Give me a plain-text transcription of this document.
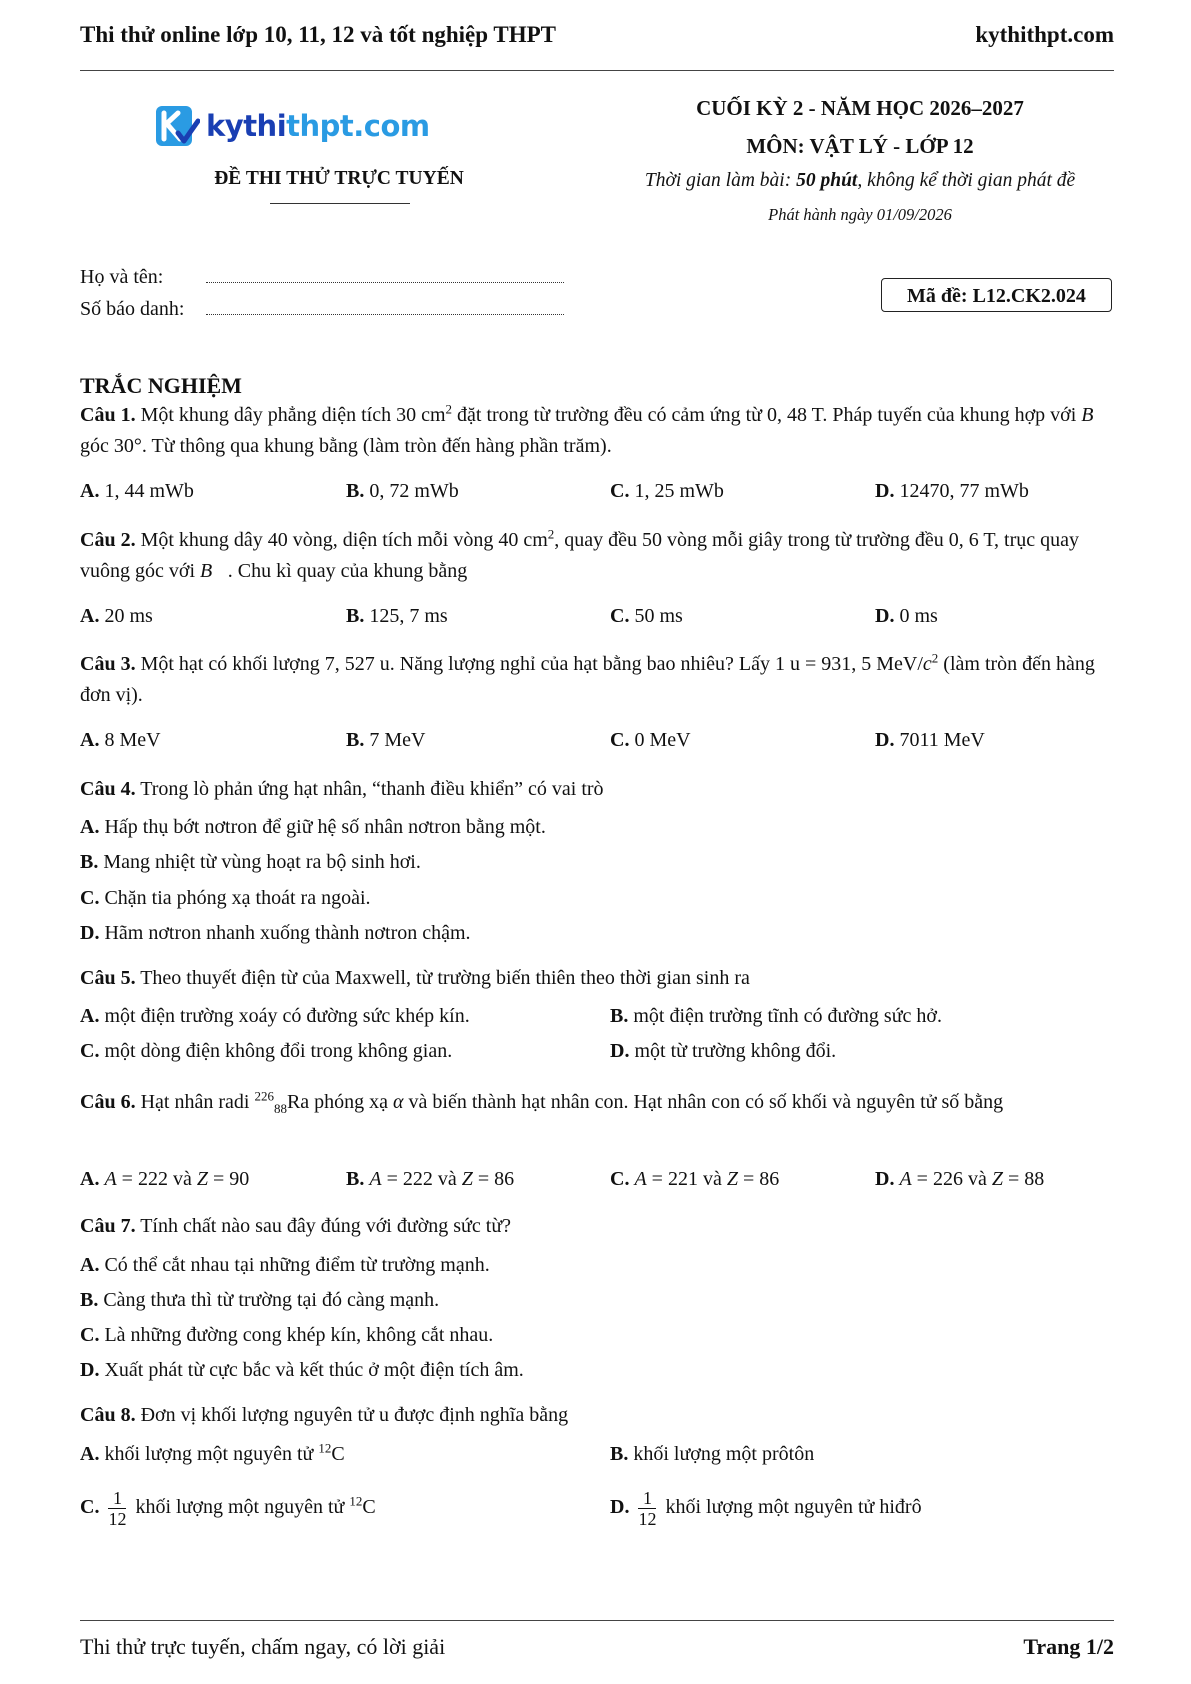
Thi thử online lớp 10, 11, 12 và tốt nghiệp THPT	kythithpt.com
kythithpt.com
ĐỀ THI THỬ TRỰC TUYẾN
CUỐI KỲ 2 - NĂM HỌC 2026–2027
MÔN: VẬT LÝ - LỚP 12
Thời gian làm bài: 50 phút, không kể thời gian phát đề
Phát hành ngày 01/09/2026
Họ và tên:
Số báo danh:
Mã đề: L12.CK2.024
TRẮC NGHIỆM
Câu 1. Một khung dây phẳng diện tích 30 $cm^2$ đặt trong từ trường đều có cảm ứng từ 0, 48 T. Pháp tuyến của khung hợp với B⃗ góc 30°. Từ thông qua khung bằng (làm tròn đến hàng phần trăm).
A. 1, 44 mWb	B. 0, 72 mWb	C. 1, 25 mWb	D. 12470, 77 mWb
Câu 2. Một khung dây 40 vòng, diện tích mỗi vòng 40 $cm^2$, quay đều 50 vòng mỗi giây trong từ trường đều 0, 6 T, trục quay vuông góc với B⃗. Chu kì quay của khung bằng
A. 20 ms	B. 125, 7 ms	C. 50 ms	D. 0 ms
Câu 3. Một hạt có khối lượng 7, 527 u. Năng lượng nghỉ của hạt bằng bao nhiêu? Lấy 1 u = 931, 5 MeV/$c^2$ (làm tròn đến hàng đơn vị).
A. 8 MeV	B. 7 MeV	C. 0 MeV	D. 7011 MeV
Câu 4. Trong lò phản ứng hạt nhân, “thanh điều khiển” có vai trò
A. Hấp thụ bớt nơtron để giữ hệ số nhân nơtron bằng một.
B. Mang nhiệt từ vùng hoạt ra bộ sinh hơi.
C. Chặn tia phóng xạ thoát ra ngoài.
D. Hãm nơtron nhanh xuống thành nơtron chậm.
Câu 5. Theo thuyết điện từ của Maxwell, từ trường biến thiên theo thời gian sinh ra
A. một điện trường xoáy có đường sức khép kín.	B. một điện trường tĩnh có đường sức hở.
C. một dòng điện không đổi trong không gian.	D. một từ trường không đổi.
Câu 6. Hạt nhân radi $^{226}_{88}$Ra phóng xạ α và biến thành hạt nhân con. Hạt nhân con có số khối và nguyên tử số bằng
A. A = 222 và Z = 90	B. A = 222 và Z = 86	C. A = 221 và Z = 86	D. A = 226 và Z = 88
Câu 7. Tính chất nào sau đây đúng với đường sức từ?
A. Có thể cắt nhau tại những điểm từ trường mạnh.
B. Càng thưa thì từ trường tại đó càng mạnh.
C. Là những đường cong khép kín, không cắt nhau.
D. Xuất phát từ cực bắc và kết thúc ở một điện tích âm.
Câu 8. Đơn vị khối lượng nguyên tử u được định nghĩa bằng
A. khối lượng một nguyên tử $^{12}$C	B. khối lượng một prôtôn
C. $\frac{1}{12}$ khối lượng một nguyên tử $^{12}$C	D. $\frac{1}{12}$ khối lượng một nguyên tử hiđrô
Thi thử trực tuyến, chấm ngay, có lời giải	Trang 1/2
